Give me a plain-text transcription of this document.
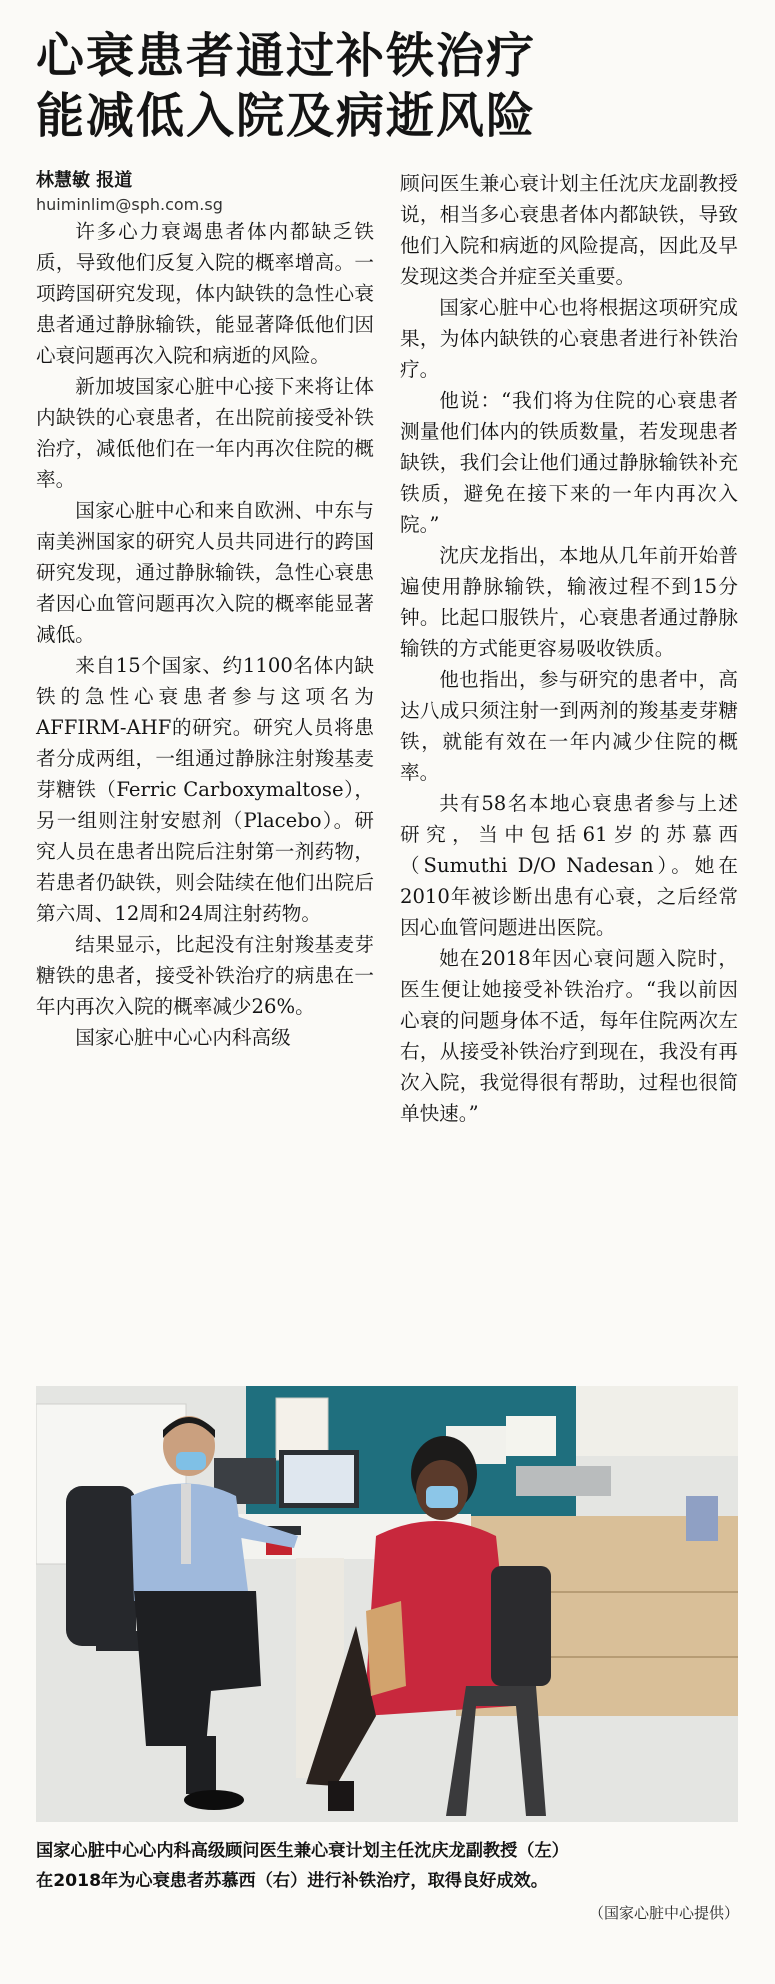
心衰患者通过补铁治疗
能减低入院及病逝风险
林慧敏 报道
huiminlim@sph.com.sg

许多心力衰竭患者体内都缺乏铁质，导致他们反复入院的概率增高。一项跨国研究发现，体内缺铁的急性心衰患者通过静脉输铁，能显著降低他们因心衰问题再次入院和病逝的风险。

新加坡国家心脏中心接下来将让体内缺铁的心衰患者，在出院前接受补铁治疗，减低他们在一年内再次住院的概率。

国家心脏中心和来自欧洲、中东与南美洲国家的研究人员共同进行的跨国研究发现，通过静脉输铁，急性心衰患者因心血管问题再次入院的概率能显著减低。

来自15个国家、约1100名体内缺铁的急性心衰患者参与这项名为AFFIRM-AHF的研究。研究人员将患者分成两组，一组通过静脉注射羧基麦芽糖铁（Ferric Carboxymaltose），另一组则注射安慰剂（Placebo）。研究人员在患者出院后注射第一剂药物，若患者仍缺铁，则会陆续在他们出院后第六周、12周和24周注射药物。

结果显示，比起没有注射羧基麦芽糖铁的患者，接受补铁治疗的病患在一年内再次入院的概率减少26%。

国家心脏中心心内科高级

顾问医生兼心衰计划主任沈庆龙副教授说，相当多心衰患者体内都缺铁，导致他们入院和病逝的风险提高，因此及早发现这类合并症至关重要。

国家心脏中心也将根据这项研究成果，为体内缺铁的心衰患者进行补铁治疗。

他说：“我们将为住院的心衰患者测量他们体内的铁质数量，若发现患者缺铁，我们会让他们通过静脉输铁补充铁质，避免在接下来的一年内再次入院。”

沈庆龙指出，本地从几年前开始普遍使用静脉输铁，输液过程不到15分钟。比起口服铁片，心衰患者通过静脉输铁的方式能更容易吸收铁质。

他也指出，参与研究的患者中，高达八成只须注射一到两剂的羧基麦芽糖铁，就能有效在一年内减少住院的概率。

共有58名本地心衰患者参与上述研究，当中包括61岁的苏慕西（Sumuthi D/O Nadesan）。她在2010年被诊断出患有心衰，之后经常因心血管问题进出医院。

她在2018年因心衰问题入院时，医生便让她接受补铁治疗。“我以前因心衰的问题身体不适，每年住院两次左右，从接受补铁治疗到现在，我没有再次入院，我觉得很有帮助，过程也很简单快速。”

国家心脏中心心内科高级顾问医生兼心衰计划主任沈庆龙副教授（左）
在2018年为心衰患者苏慕西（右）进行补铁治疗，取得良好成效。
（国家心脏中心提供）
